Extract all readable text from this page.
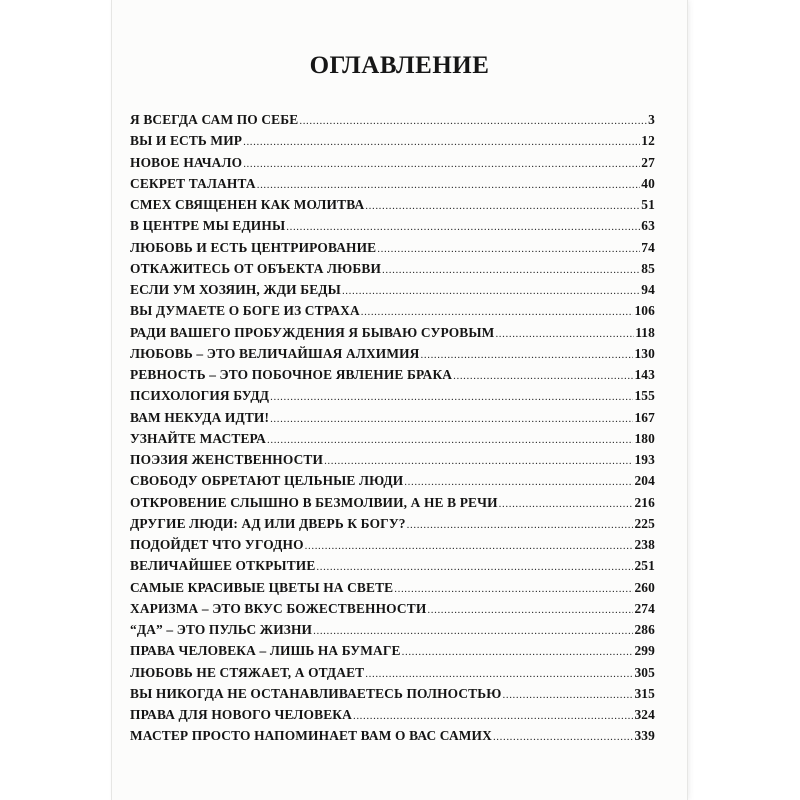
ОГЛАВЛЕНИЕ
Я ВСЕГДА САМ ПО СЕБЕ .....	3
ВЫ И ЕСТЬ МИР .....	12
НОВОЕ НАЧАЛО .....	27
СЕКРЕТ ТАЛАНТА .....	40
СМЕХ СВЯЩЕНЕН КАК МОЛИТВА .....	51
В ЦЕНТРЕ МЫ ЕДИНЫ .....	63
ЛЮБОВЬ И ЕСТЬ ЦЕНТРИРОВАНИЕ .....	74
ОТКАЖИТЕСЬ ОТ ОБЪЕКТА ЛЮБВИ .....	85
ЕСЛИ УМ ХОЗЯИН, ЖДИ БЕДЫ .....	94
ВЫ ДУМАЕТЕ О БОГЕ ИЗ СТРАХА .....	106
РАДИ ВАШЕГО ПРОБУЖДЕНИЯ Я БЫВАЮ СУРОВЫМ .....	118
ЛЮБОВЬ – ЭТО ВЕЛИЧАЙШАЯ АЛХИМИЯ .....	130
РЕВНОСТЬ – ЭТО ПОБОЧНОЕ ЯВЛЕНИЕ БРАКА .....	143
ПСИХОЛОГИЯ БУДД .....	155
ВАМ НЕКУДА ИДТИ! .....	167
УЗНАЙТЕ МАСТЕРА .....	180
ПОЭЗИЯ ЖЕНСТВЕННОСТИ .....	193
СВОБОДУ ОБРЕТАЮТ ЦЕЛЬНЫЕ ЛЮДИ .....	204
ОТКРОВЕНИЕ СЛЫШНО В БЕЗМОЛВИИ, А НЕ В РЕЧИ .....	216
ДРУГИЕ ЛЮДИ: АД ИЛИ ДВЕРЬ К БОГУ? .....	225
ПОДОЙДЕТ ЧТО УГОДНО .....	238
ВЕЛИЧАЙШЕЕ ОТКРЫТИЕ .....	251
САМЫЕ КРАСИВЫЕ ЦВЕТЫ НА СВЕТЕ .....	260
ХАРИЗМА – ЭТО ВКУС БОЖЕСТВЕННОСТИ .....	274
“ДА” – ЭТО ПУЛЬС ЖИЗНИ .....	286
ПРАВА ЧЕЛОВЕКА – ЛИШЬ НА БУМАГЕ .....	299
ЛЮБОВЬ НЕ СТЯЖАЕТ, А ОТДАЕТ .....	305
ВЫ НИКОГДА НЕ ОСТАНАВЛИВАЕТЕСЬ ПОЛНОСТЬЮ .....	315
ПРАВА ДЛЯ НОВОГО ЧЕЛОВЕКА .....	324
МАСТЕР ПРОСТО НАПОМИНАЕТ ВАМ О ВАС САМИХ .....	339
